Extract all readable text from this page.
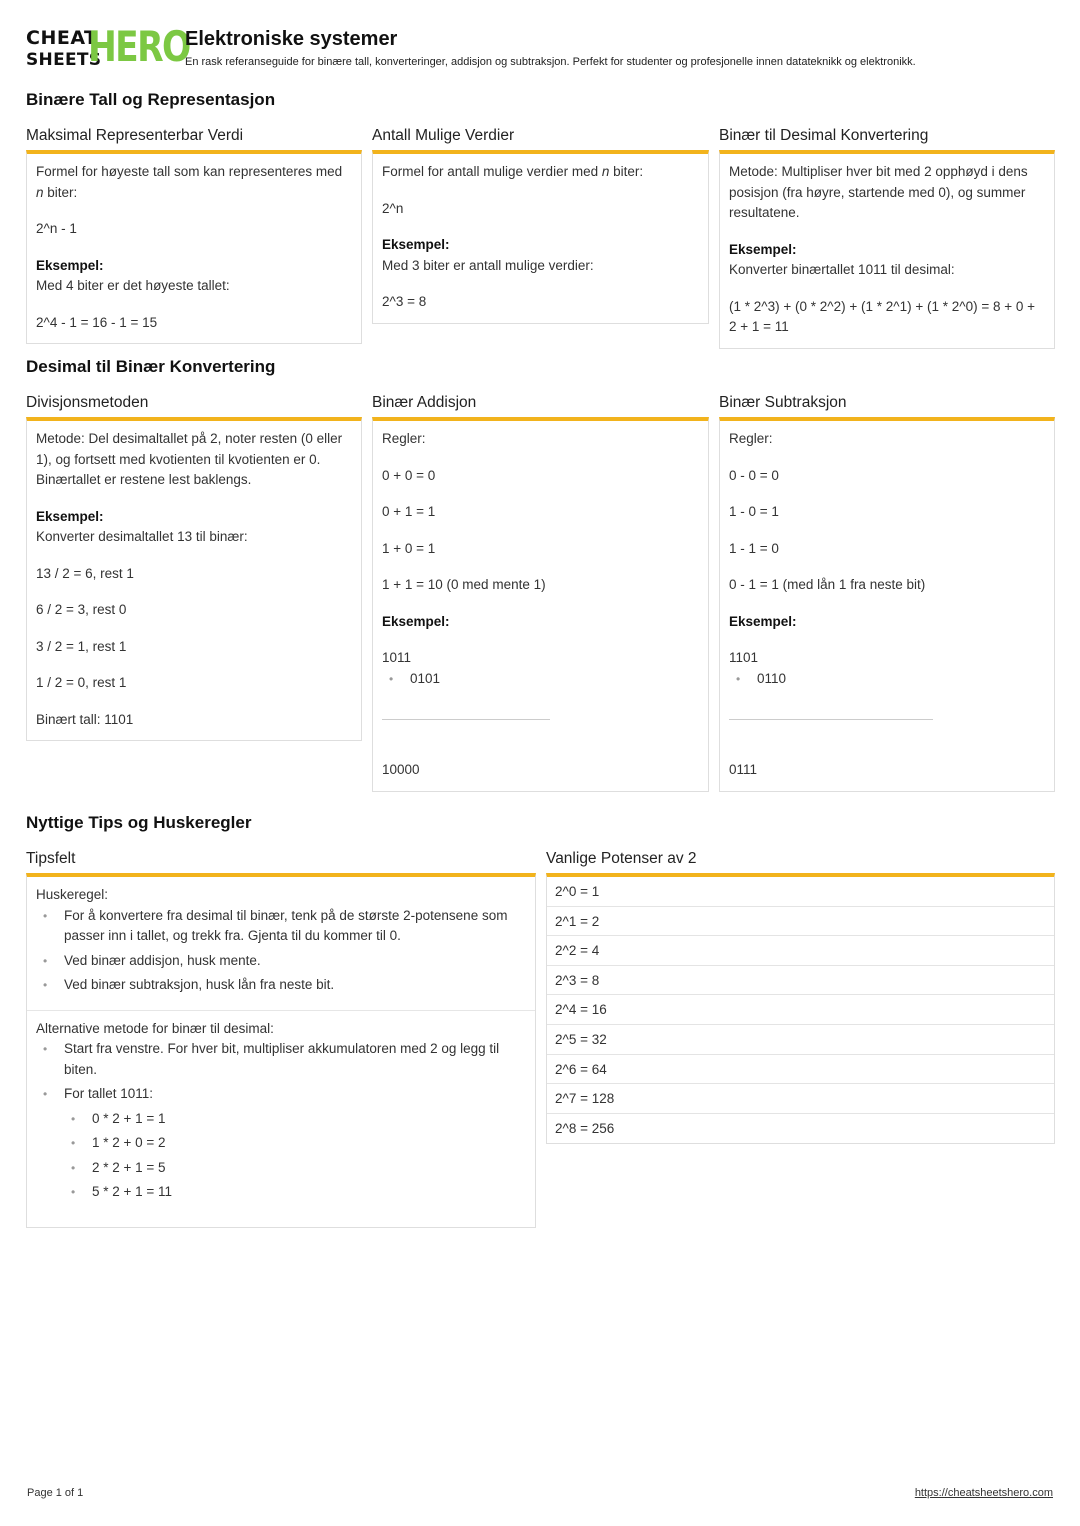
CHEAT
SHEETS
HERO
Elektroniske systemer
En rask referanseguide for binære tall, konverteringer, addisjon og subtraksjon. Perfekt for studenter og profesjonelle innen datateknikk og elektronikk.
Binære Tall og Representasjon
Maksimal Representerbar Verdi

Formel for høyeste tall som kan representeres med n biter:

2^n - 1

Eksempel:
Med 4 biter er det høyeste tallet:

2^4 - 1 = 16 - 1 = 15

Antall Mulige Verdier

Formel for antall mulige verdier med n biter:

2^n

Eksempel:
Med 3 biter er antall mulige verdier:

2^3 = 8

Binær til Desimal Konvertering

Metode: Multipliser hver bit med 2 opphøyd i dens posisjon (fra høyre, startende med 0), og summer resultatene.

Eksempel:
Konverter binærtallet 1011 til desimal:

(1 * 2^3) + (0 * 2^2) + (1 * 2^1) + (1 * 2^0) = 8 + 0 + 2 + 1 = 11

Desimal til Binær Konvertering
Divisjonsmetoden

Metode: Del desimaltallet på 2, noter resten (0 eller 1), og fortsett med kvotienten til kvotienten er 0. Binærtallet er restene lest baklengs.

Eksempel:
Konverter desimaltallet 13 til binær:

13 / 2 = 6, rest 1

6 / 2 = 3, rest 0

3 / 2 = 1, rest 1

1 / 2 = 0, rest 1

Binært tall: 1101

Binær Addisjon

Regler:

0 + 0 = 0

0 + 1 = 1

1 + 0 = 1

1 + 1 = 10 (0 med mente 1)

Eksempel:

1011
• 0101

10000

Binær Subtraksjon

Regler:

0 - 0 = 0

1 - 0 = 1

1 - 1 = 0

0 - 1 = 1 (med lån 1 fra neste bit)

Eksempel:

1101
• 0110

0111

Nyttige Tips og Huskeregler
Tipsfelt
Huskeregel:
• For å konvertere fra desimal til binær, tenk på de største 2-potensene som passer inn i tallet, og trekk fra. Gjenta til du kommer til 0.
• Ved binær addisjon, husk mente.
• Ved binær subtraksjon, husk lån fra neste bit.
Alternative metode for binær til desimal:
• Start fra venstre. For hver bit, multipliser akkumulatoren med 2 og legg til biten.
• For tallet 1011:
• 0 * 2 + 1 = 1
• 1 * 2 + 0 = 2
• 2 * 2 + 1 = 5
• 5 * 2 + 1 = 11
Vanlige Potenser av 2
2^0 = 1
2^1 = 2
2^2 = 4
2^3 = 8
2^4 = 16
2^5 = 32
2^6 = 64
2^7 = 128
2^8 = 256
Page 1 of 1	https://cheatsheetshero.com
